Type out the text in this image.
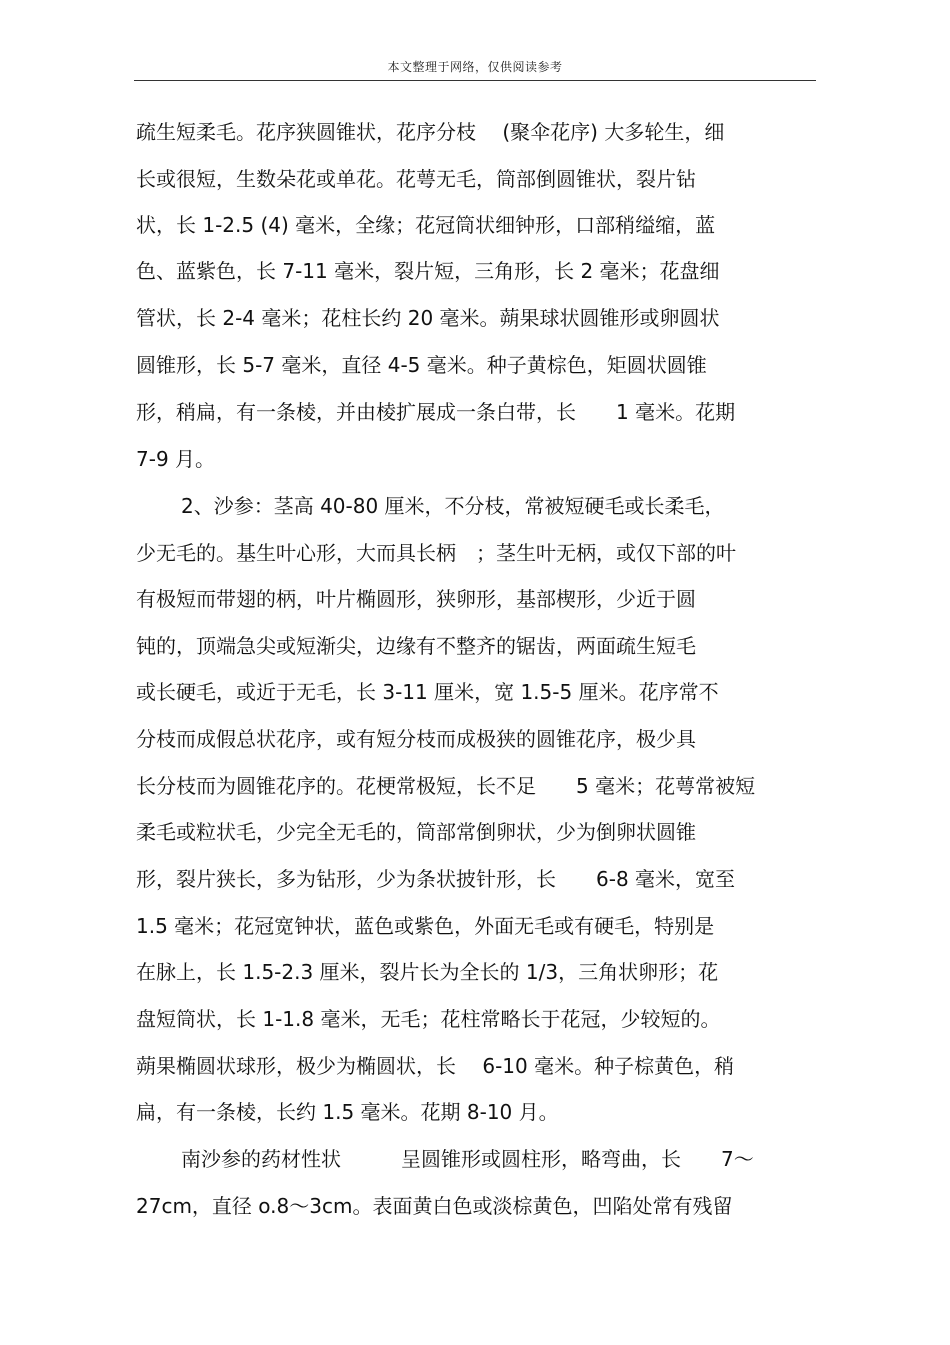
本文整理于网络，仅供阅读参考
疏生短柔毛。花序狭圆锥状，花序分枝　 (聚伞花序) 大多轮生，细
长或很短，生数朵花或单花。花萼无毛，筒部倒圆锥状，裂片钻
状，长 1-2.5 (4) 毫米，全缘；花冠筒状细钟形，口部稍缢缩，蓝
色、蓝紫色，长 7-11 毫米，裂片短，三角形，长 2 毫米；花盘细
管状，长 2-4 毫米；花柱长约 20 毫米。蒴果球状圆锥形或卵圆状
圆锥形，长 5-7 毫米，直径 4-5 毫米。种子黄棕色，矩圆状圆锥
形，稍扁，有一条棱，并由棱扩展成一条白带，长　　1 毫米。花期
7-9 月。
2、沙参：茎高 40-80 厘米，不分枝，常被短硬毛或长柔毛，
少无毛的。基生叶心形，大而具长柄　；茎生叶无柄，或仅下部的叶
有极短而带翅的柄，叶片椭圆形，狭卵形，基部楔形，少近于圆
钝的，顶端急尖或短渐尖，边缘有不整齐的锯齿，两面疏生短毛
或长硬毛，或近于无毛，长 3-11 厘米，宽 1.5-5 厘米。花序常不
分枝而成假总状花序，或有短分枝而成极狭的圆锥花序，极少具
长分枝而为圆锥花序的。花梗常极短，长不足　　5 毫米；花萼常被短
柔毛或粒状毛，少完全无毛的，筒部常倒卵状，少为倒卵状圆锥
形，裂片狭长，多为钻形，少为条状披针形，长　　6-8 毫米，宽至
1.5 毫米；花冠宽钟状，蓝色或紫色，外面无毛或有硬毛，特别是
在脉上，长 1.5-2.3 厘米，裂片长为全长的 1/3，三角状卵形；花
盘短筒状，长 1-1.8 毫米，无毛；花柱常略长于花冠，少较短的。
蒴果椭圆状球形，极少为椭圆状，长　 6-10 毫米。种子棕黄色，稍
扁，有一条棱，长约 1.5 毫米。花期 8-10 月。
南沙参的药材性状　　　呈圆锥形或圆柱形，略弯曲，长　　7～
27cm，直径 o.8～3cm。表面黄白色或淡棕黄色，凹陷处常有残留
